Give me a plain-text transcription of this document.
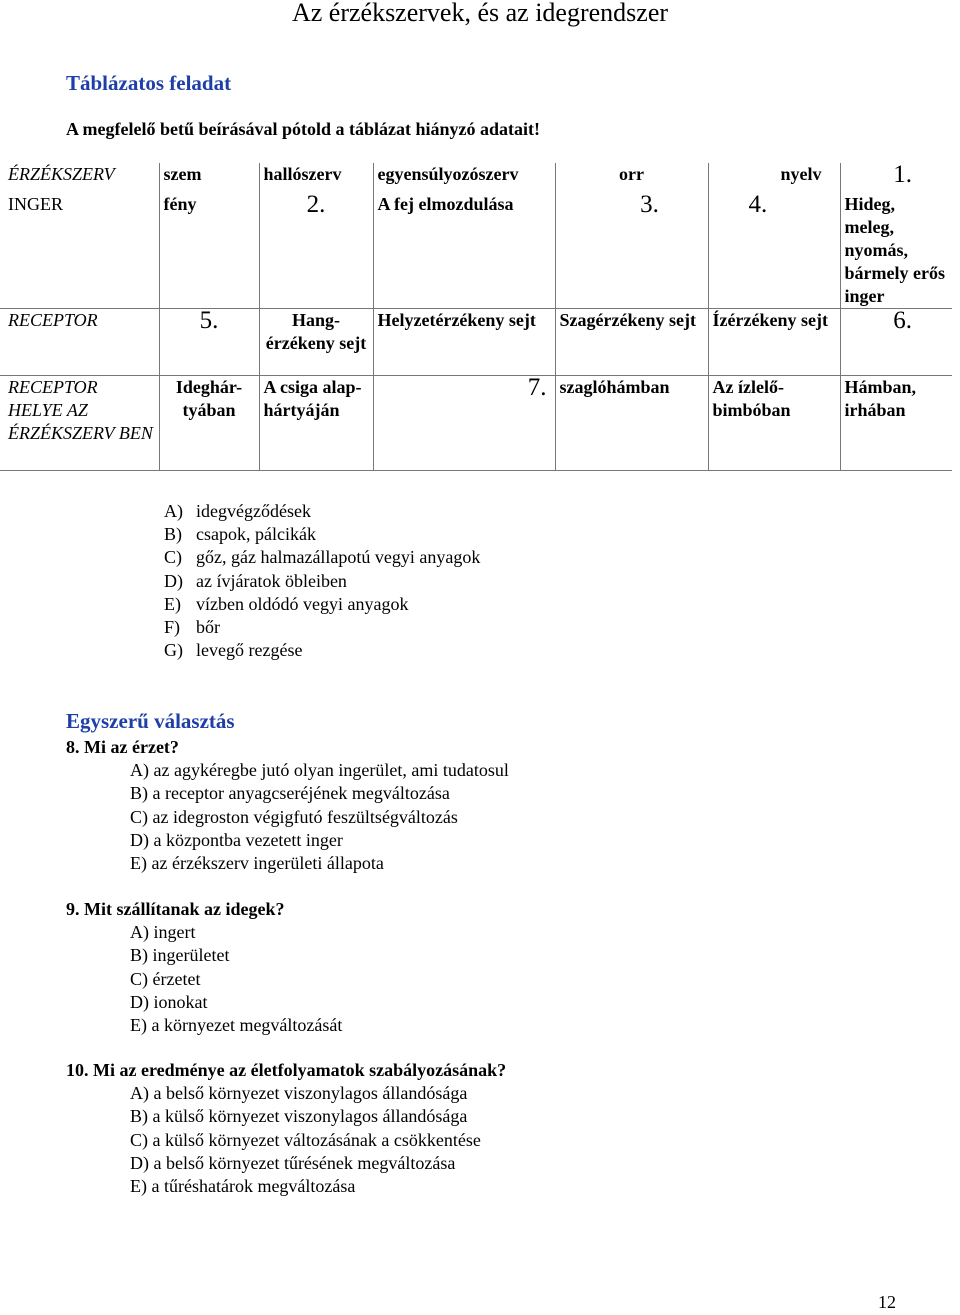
Az érzékszervek, és az idegrendszer
Táblázatos feladat
A megfelelő betű beírásával pótold a táblázat hiányzó adatait!
ÉRZÉKSZERV	szem	hallószerv	egyensúlyozószerv	orr	nyelv	1.
INGER	fény	2.	A fej elmozdulása	3.	4.	Hideg, meleg, nyomás, bármely erős inger
RECEPTOR	5.	Hang-érzékeny sejt	Helyzetérzékeny sejt	Szagérzékeny sejt	Ízérzékeny sejt	6.
RECEPTOR HELYE AZ ÉRZÉKSZERV BEN	Ideghár-tyában	A csiga alap-hártyáján	7.	szaglóhámban	Az ízlelő-bimbóban	Hámban, irhában
A) idegvégződések
B) csapok, pálcikák
C) gőz, gáz halmazállapotú vegyi anyagok
D) az ívjáratok öbleiben
E) vízben oldódó vegyi anyagok
F) bőr
G) levegő rezgése
Egyszerű választás
8. Mi az érzet?
A) az agykéregbe jutó olyan ingerület, ami tudatosul
B) a receptor anyagcseréjének megváltozása
C) az idegroston végigfutó feszültségváltozás
D) a központba vezetett inger
E) az érzékszerv ingerületi állapota
9. Mit szállítanak az idegek?
A) ingert
B) ingerületet
C) érzetet
D) ionokat
E) a környezet megváltozását
10. Mi az eredménye az életfolyamatok szabályozásának?
A) a belső környezet viszonylagos állandósága
B) a külső környezet viszonylagos állandósága
C) a külső környezet változásának a csökkentése
D) a belső környezet tűrésének megváltozása
E) a tűréshatárok megváltozása
12
